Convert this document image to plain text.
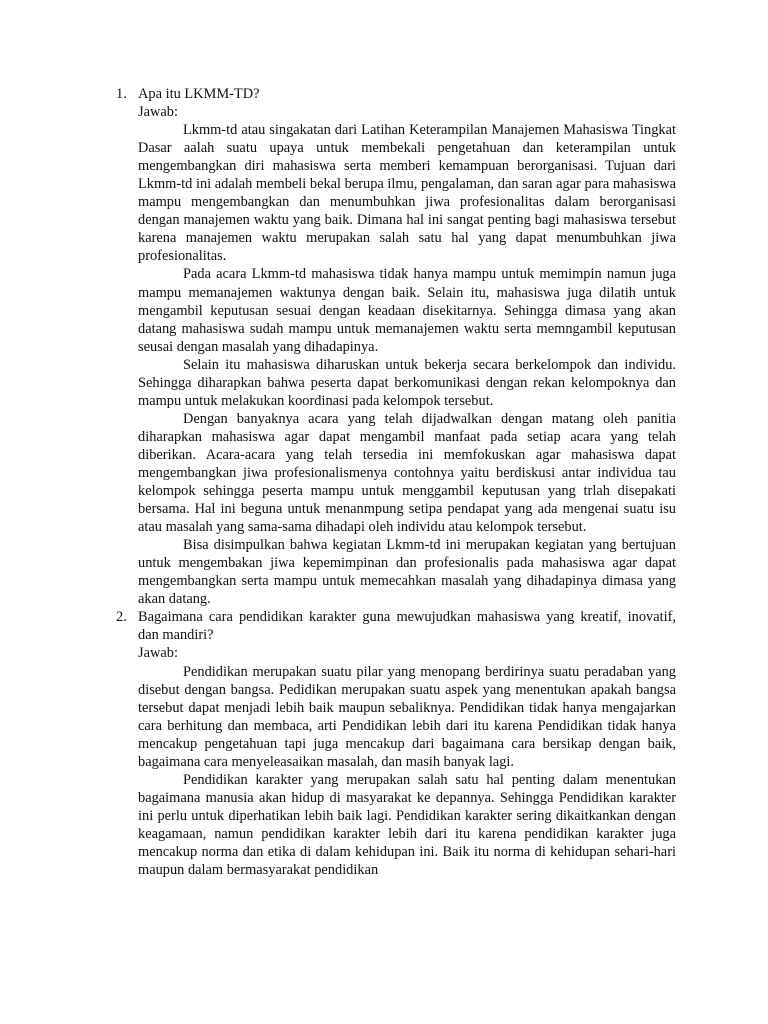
1. Apa itu LKMM-TD?

Jawab:

Lkmm-td atau singakatan dari Latihan Keterampilan Manajemen Mahasiswa Tingkat Dasar aalah suatu upaya untuk membekali pengetahuan dan keterampilan untuk mengembangkan diri mahasiswa serta memberi kemampuan berorganisasi. Tujuan dari Lkmm-td ini adalah membeli bekal berupa ilmu, pengalaman, dan saran agar para mahasiswa mampu mengembangkan dan menumbuhkan jiwa profesionalitas dalam berorganisasi dengan manajemen waktu yang baik. Dimana hal ini sangat penting bagi mahasiswa tersebut karena manajemen waktu merupakan salah satu hal yang dapat menumbuhkan jiwa profesionalitas.

Pada acara Lkmm-td mahasiswa tidak hanya mampu untuk memimpin namun juga mampu memanajemen waktunya dengan baik. Selain itu, mahasiswa juga dilatih untuk mengambil keputusan sesuai dengan keadaan disekitarnya. Sehingga dimasa yang akan datang mahasiswa sudah mampu untuk memanajemen waktu serta memngambil keputusan seusai dengan masalah yang dihadapinya.

Selain itu mahasiswa diharuskan untuk bekerja secara berkelompok dan individu. Sehingga diharapkan bahwa peserta dapat berkomunikasi dengan rekan kelompoknya dan mampu untuk melakukan koordinasi pada kelompok tersebut.

Dengan banyaknya acara yang telah dijadwalkan dengan matang oleh panitia diharapkan mahasiswa agar dapat mengambil manfaat pada setiap acara yang telah diberikan. Acara-acara yang telah tersedia ini memfokuskan agar mahasiswa dapat mengembangkan jiwa profesionalismenya contohnya yaitu berdiskusi antar individua tau kelompok sehingga peserta mampu untuk menggambil keputusan yang trlah disepakati bersama. Hal ini beguna untuk menanmpung setipa pendapat yang ada mengenai suatu isu atau masalah yang sama-sama dihadapi oleh individu atau kelompok tersebut.

Bisa disimpulkan bahwa kegiatan Lkmm-td ini merupakan kegiatan yang bertujuan untuk mengembakan jiwa kepemimpinan dan profesionalis pada mahasiswa agar dapat mengembangkan serta mampu untuk memecahkan masalah yang dihadapinya dimasa yang akan datang.

2. Bagaimana cara pendidikan karakter guna mewujudkan mahasiswa yang kreatif, inovatif, dan mandiri?

Jawab:

Pendidikan merupakan suatu pilar yang menopang berdirinya suatu peradaban yang disebut dengan bangsa. Pedidikan merupakan suatu aspek yang menentukan apakah bangsa tersebut dapat menjadi lebih baik maupun sebaliknya. Pendidikan tidak hanya mengajarkan cara berhitung dan membaca, arti Pendidikan lebih dari itu karena Pendidikan tidak hanya mencakup pengetahuan tapi juga mencakup dari bagaimana cara bersikap dengan baik, bagaimana cara menyeleasaikan masalah, dan masih banyak lagi.

Pendidikan karakter yang merupakan salah satu hal penting dalam menentukan bagaimana manusia akan hidup di masyarakat ke depannya. Sehingga Pendidikan karakter ini perlu untuk diperhatikan lebih baik lagi. Pendidikan karakter sering dikaitkankan dengan keagamaan, namun pendidikan karakter lebih dari itu karena pendidikan karakter juga mencakup norma dan etika di dalam kehidupan ini. Baik itu norma di kehidupan sehari-hari maupun dalam bermasyarakat pendidikan
